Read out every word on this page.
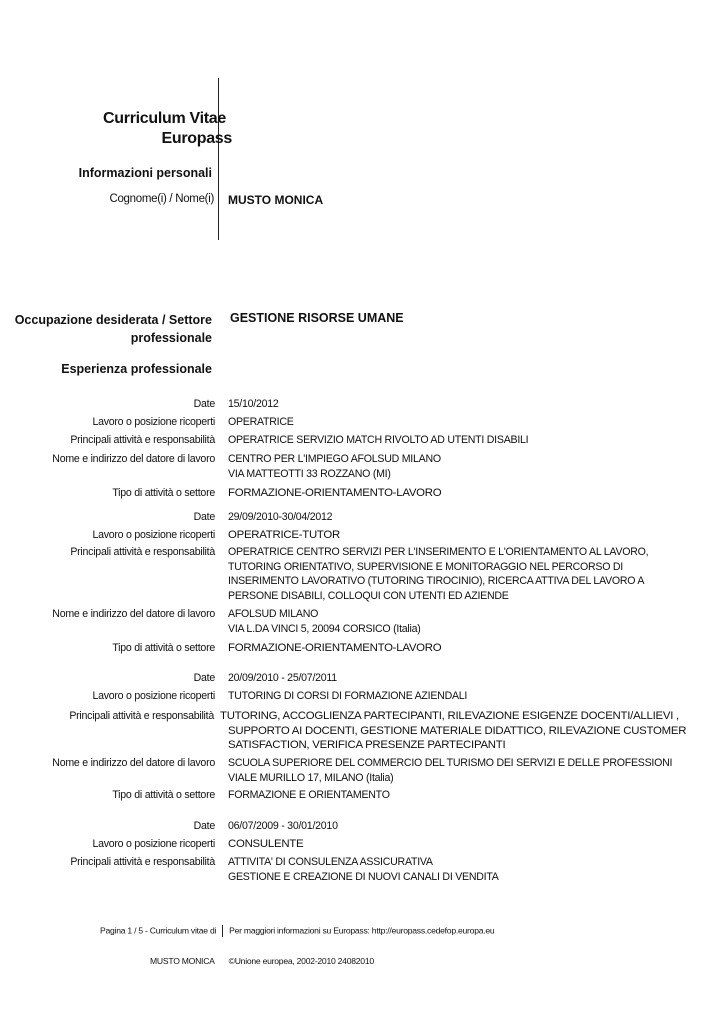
Curriculum Vitae
Europass
Informazioni personali
Cognome(i) / Nome(i) MUSTO MONICA
Occupazione desiderata / Settore professionale
GESTIONE RISORSE UMANE
Esperienza professionale
Date 15/10/2012
Lavoro o posizione ricoperti OPERATRICE
Principali attività e responsabilità OPERATRICE SERVIZIO MATCH RIVOLTO AD UTENTI DISABILI
Nome e indirizzo del datore di lavoro CENTRO PER L'IMPIEGO AFOLSUD MILANO
VIA MATTEOTTI 33 ROZZANO (MI)
Tipo di attività o settore FORMAZIONE-ORIENTAMENTO-LAVORO
Date 29/09/2010-30/04/2012
Lavoro o posizione ricoperti OPERATRICE-TUTOR
Principali attività e responsabilità OPERATRICE CENTRO SERVIZI PER L'INSERIMENTO E L'ORIENTAMENTO AL LAVORO,
TUTORING ORIENTATIVO, SUPERVISIONE E MONITORAGGIO NEL PERCORSO DI
INSERIMENTO LAVORATIVO (TUTORING TIROCINIO), RICERCA ATTIVA DEL LAVORO A
PERSONE DISABILI, COLLOQUI CON UTENTI ED AZIENDE
Nome e indirizzo del datore di lavoro AFOLSUD MILANO
VIA L.DA VINCI 5, 20094 CORSICO (Italia)
Tipo di attività o settore FORMAZIONE-ORIENTAMENTO-LAVORO
Date 20/09/2010 - 25/07/2011
Lavoro o posizione ricoperti TUTORING DI CORSI DI FORMAZIONE AZIENDALI
Principali attività e responsabilità TUTORING, ACCOGLIENZA PARTECIPANTI, RILEVAZIONE ESIGENZE DOCENTI/ALLIEVI ,
SUPPORTO AI DOCENTI, GESTIONE MATERIALE DIDATTICO, RILEVAZIONE CUSTOMER
SATISFACTION, VERIFICA PRESENZE PARTECIPANTI
Nome e indirizzo del datore di lavoro SCUOLA SUPERIORE DEL COMMERCIO DEL TURISMO DEI SERVIZI E DELLE PROFESSIONI
VIALE MURILLO 17, MILANO (Italia)
Tipo di attività o settore FORMAZIONE E ORIENTAMENTO
Date 06/07/2009 - 30/01/2010
Lavoro o posizione ricoperti CONSULENTE
Principali attività e responsabilità ATTIVITA' DI CONSULENZA ASSICURATIVA
GESTIONE E CREAZIONE DI NUOVI CANALI DI VENDITA
Pagina 1 / 5 - Curriculum vitae di Per maggiori informazioni su Europass: http://europass.cedefop.europa.eu
MUSTO MONICA ©Unione europea, 2002-2010 24082010
